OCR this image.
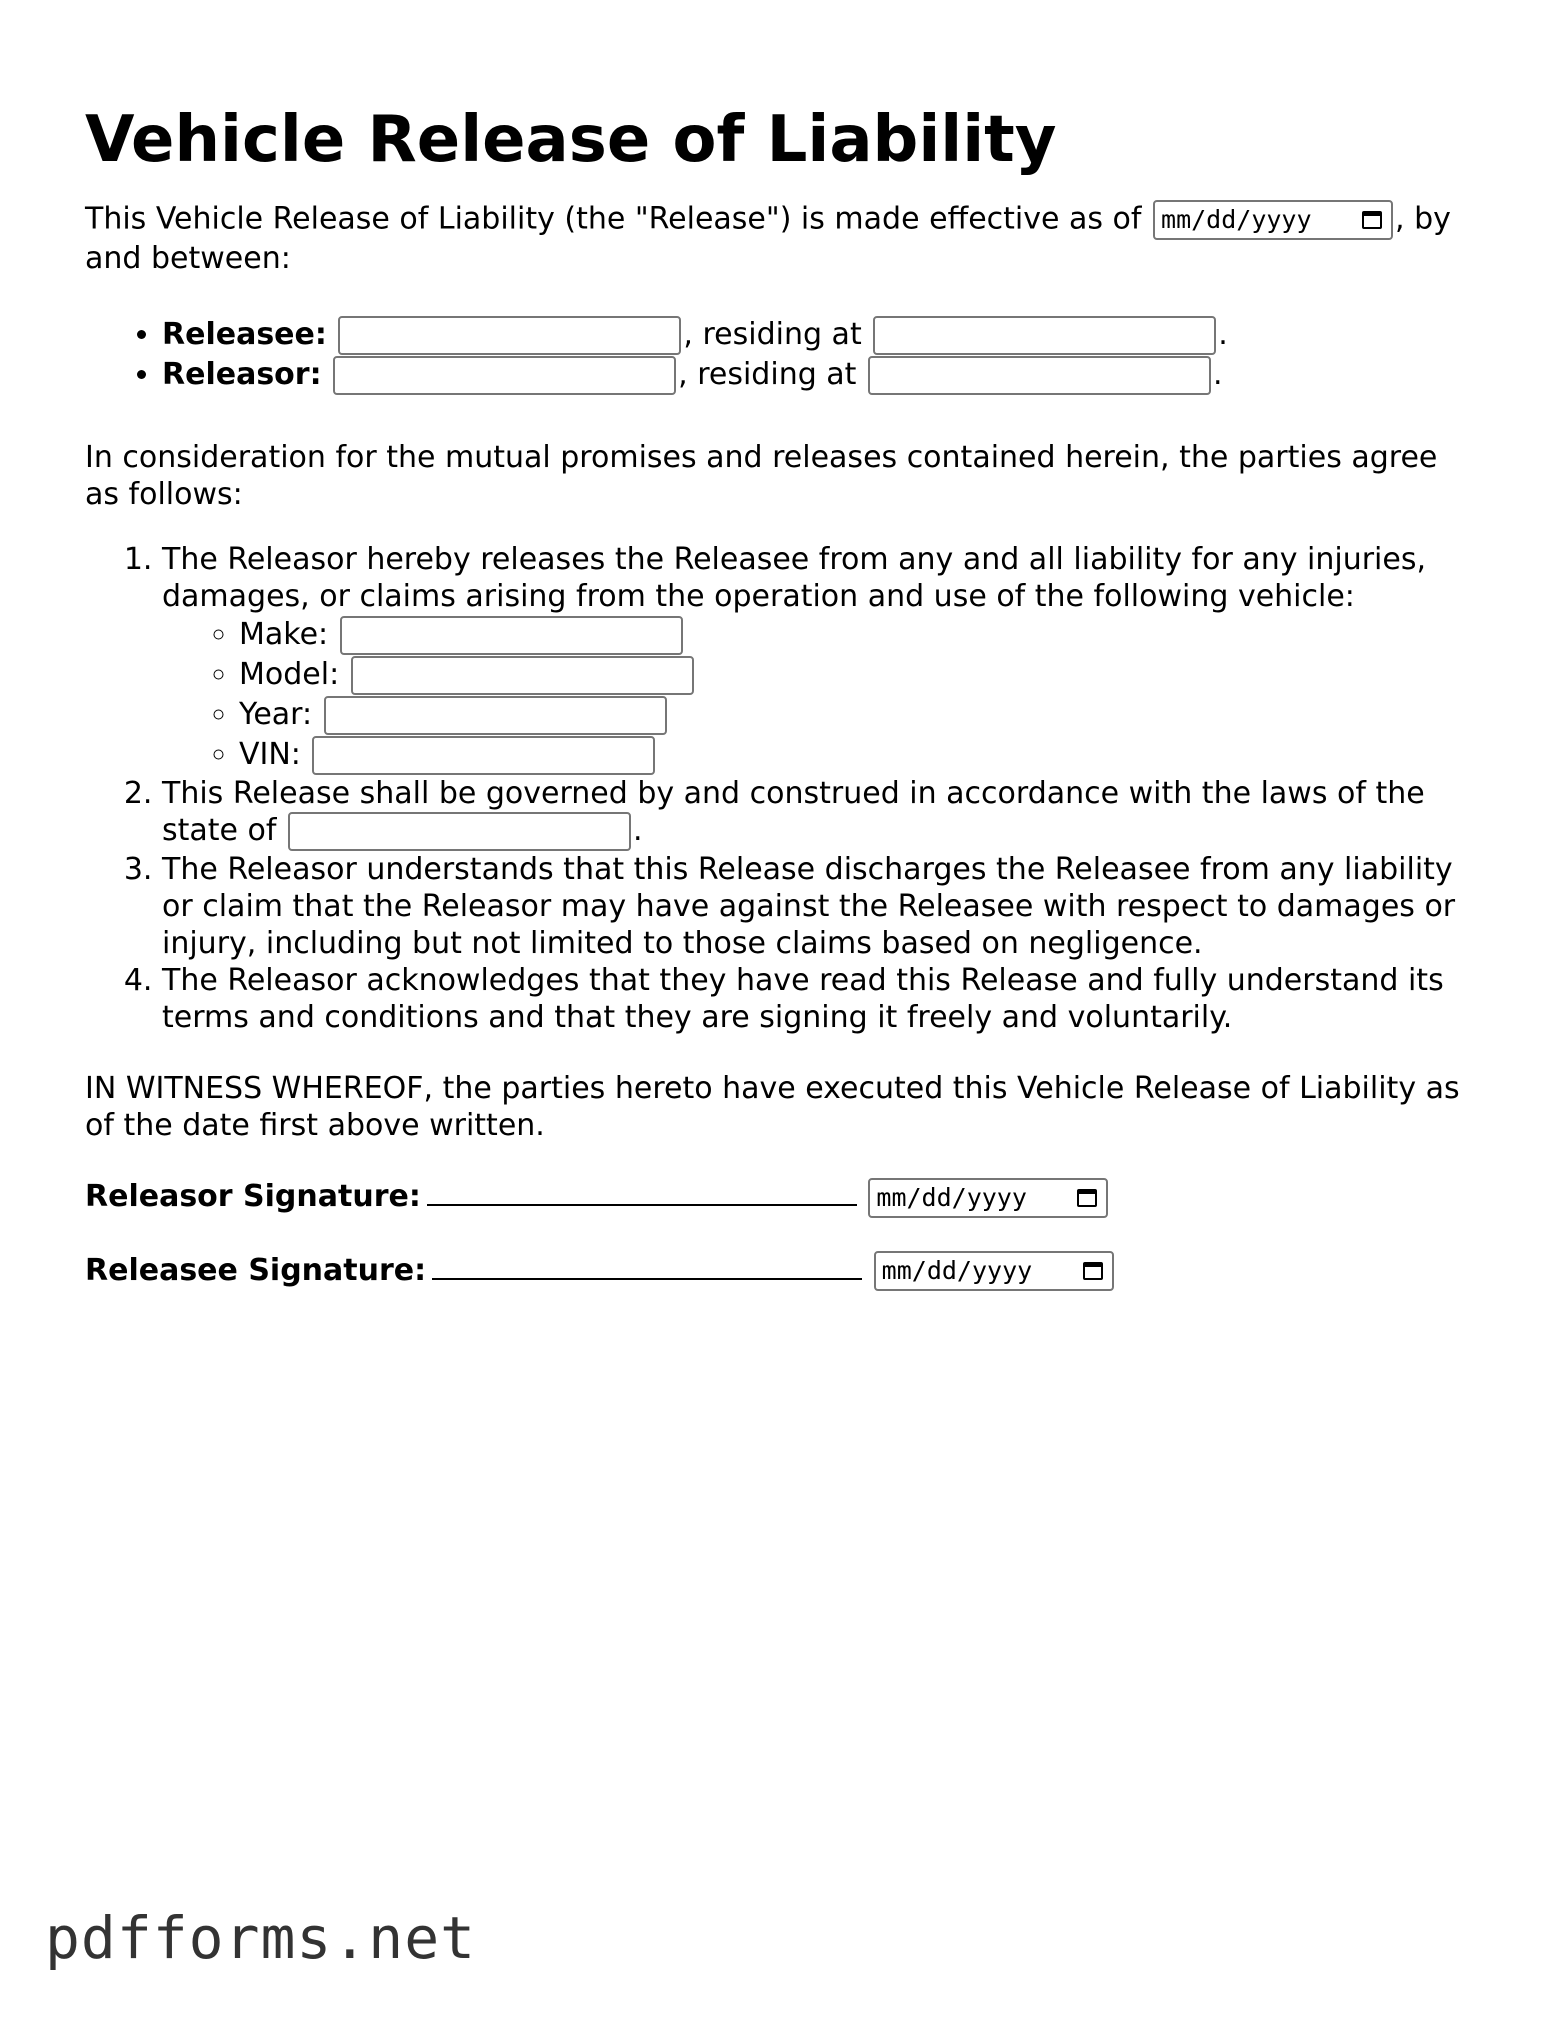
Vehicle Release of Liability

This Vehicle Release of Liability (the "Release") is made effective as of mm/dd/yyyy	, by and between:

• Releasee:	, residing at	.
• Releasor:	, residing at	.

In consideration for the mutual promises and releases contained herein, the parties agree as follows:

1. The Releasor hereby releases the Releasee from any and all liability for any injuries, damages, or claims arising from the operation and use of the following vehicle:
◦ Make:
◦ Model:
◦ Year:
◦ VIN:
2. This Release shall be governed by and construed in accordance with the laws of the state of	.
3. The Releasor understands that this Release discharges the Releasee from any liability or claim that the Releasor may have against the Releasee with respect to damages or injury, including but not limited to those claims based on negligence.
4. The Releasor acknowledges that they have read this Release and fully understand its terms and conditions and that they are signing it freely and voluntarily.

IN WITNESS WHEREOF, the parties hereto have executed this Vehicle Release of Liability as of the date first above written.

Releasor Signature:	mm/dd/yyyy
Releasee Signature:	mm/dd/yyyy
pdfforms.net
